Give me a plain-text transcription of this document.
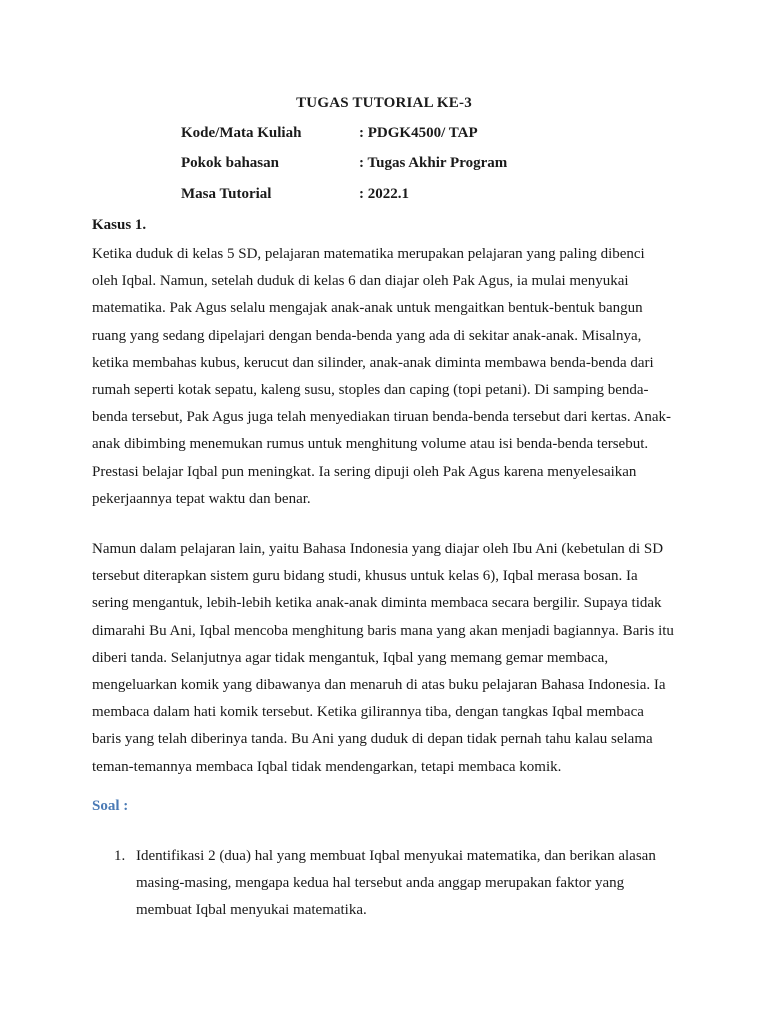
TUGAS TUTORIAL KE-3
Kode/Mata Kuliah	: PDGK4500/ TAP
Pokok bahasan	: Tugas Akhir Program
Masa Tutorial	: 2022.1
Kasus 1.
Ketika duduk di kelas 5 SD, pelajaran matematika merupakan pelajaran yang paling dibenci
oleh Iqbal. Namun, setelah duduk di kelas 6 dan diajar oleh Pak Agus, ia mulai menyukai
matematika. Pak Agus selalu mengajak anak-anak untuk mengaitkan bentuk-bentuk bangun
ruang yang sedang dipelajari dengan benda-benda yang ada di sekitar anak-anak. Misalnya,
ketika membahas kubus, kerucut dan silinder, anak-anak diminta membawa benda-benda dari
rumah seperti kotak sepatu, kaleng susu, stoples dan caping (topi petani). Di samping benda-
benda tersebut, Pak Agus juga telah menyediakan tiruan benda-benda tersebut dari kertas. Anak-
anak dibimbing menemukan rumus untuk menghitung volume atau isi benda-benda tersebut.
Prestasi belajar Iqbal pun meningkat. Ia sering dipuji oleh Pak Agus karena menyelesaikan
pekerjaannya tepat waktu dan benar.
Namun dalam pelajaran lain, yaitu Bahasa Indonesia yang diajar oleh Ibu Ani (kebetulan di SD
tersebut diterapkan sistem guru bidang studi, khusus untuk kelas 6), Iqbal merasa bosan. Ia
sering mengantuk, lebih-lebih ketika anak-anak diminta membaca secara bergilir. Supaya tidak
dimarahi Bu Ani, Iqbal mencoba menghitung baris mana yang akan menjadi bagiannya. Baris itu
diberi tanda. Selanjutnya agar tidak mengantuk, Iqbal yang memang gemar membaca,
mengeluarkan komik yang dibawanya dan menaruh di atas buku pelajaran Bahasa Indonesia. Ia
membaca dalam hati komik tersebut. Ketika gilirannya tiba, dengan tangkas Iqbal membaca
baris yang telah diberinya tanda. Bu Ani yang duduk di depan tidak pernah tahu kalau selama
teman-temannya membaca Iqbal tidak mendengarkan, tetapi membaca komik.
Soal :
1. Identifikasi 2 (dua) hal yang membuat Iqbal menyukai matematika, dan berikan alasan
masing-masing, mengapa kedua hal tersebut anda anggap merupakan faktor yang
membuat Iqbal menyukai matematika.
